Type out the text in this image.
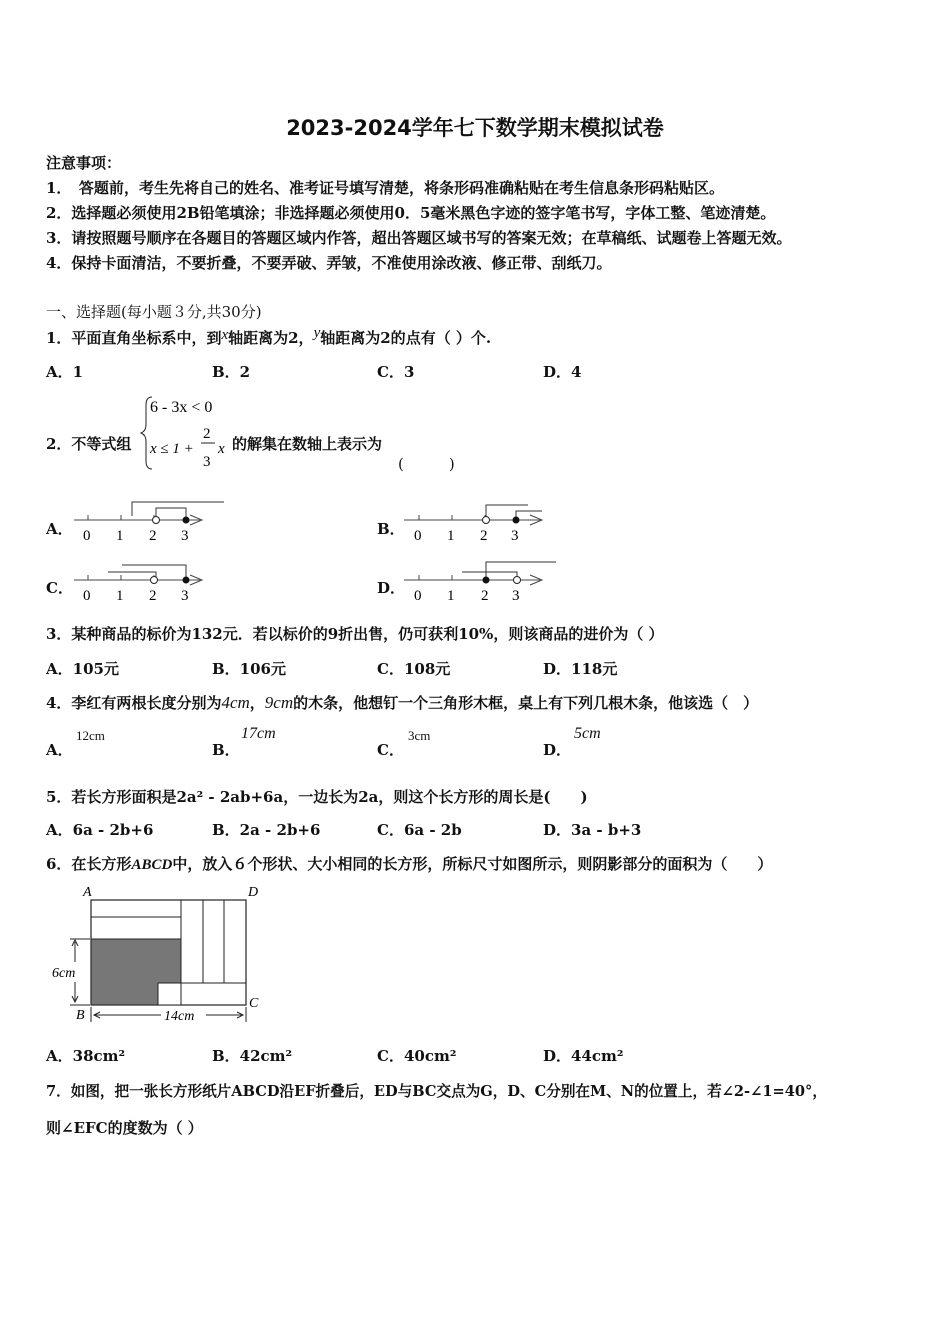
2023-2024学年七下数学期末模拟试卷
注意事项：
1．　答题前，考生先将自己的姓名、准考证号填写清楚，将条形码准确粘贴在考生信息条形码粘贴区。
2．选择题必须使用2B铅笔填涂；非选择题必须使用0．5毫米黑色字迹的签字笔书写，字体工整、笔迹清楚。
3．请按照题号顺序在各题目的答题区域内作答，超出答题区域书写的答案无效；在草稿纸、试题卷上答题无效。
4．保持卡面清洁，不要折叠，不要弄破、弄皱，不准使用涂改液、修正带、刮纸刀。
一、选择题(每小题３分,共30分)
1．平面直角坐标系中，到x轴距离为2，y轴距离为2的点有（ ）个.
A．1	B．2	C．3	D．4
2．不等式组
6 - 3x < 0
x ≤ 1 +
2
3
x 的解集在数轴上表示为
(　　　)
A．	B．
C．	D．
0 1 2 3	0 1 2 3
0 1 2 3	0 1 2 3
3．某种商品的标价为132元．若以标价的9折出售，仍可获利10%，则该商品的进价为（ ）
A．105元	B．106元	C．108元	D．118元
4．李红有两根长度分别为4cm，9cm的木条，他想钉一个三角形木框，桌上有下列几根木条，他该选（　）
A．
12cm
B．
17cm
C．
3cm
D．
5cm
5．若长方形面积是2a² - 2ab+6a，一边长为2a，则这个长方形的周长是(　　)
A．6a - 2b+6	B．2a - 2b+6	C．6a - 2b	D．3a - b+3
6．在长方形ABCD中，放入６个形状、大小相同的长方形，所标尺寸如图所示，则阴影部分的面积为（　　）
A	D
B
C
6cm
14cm
A．38cm²	B．42cm²	C．40cm²	D．44cm²
7．如图，把一张长方形纸片ABCD沿EF折叠后，ED与BC交点为G，D、C分别在M、N的位置上，若∠2-∠1=40°，
则∠EFC的度数为（ ）
